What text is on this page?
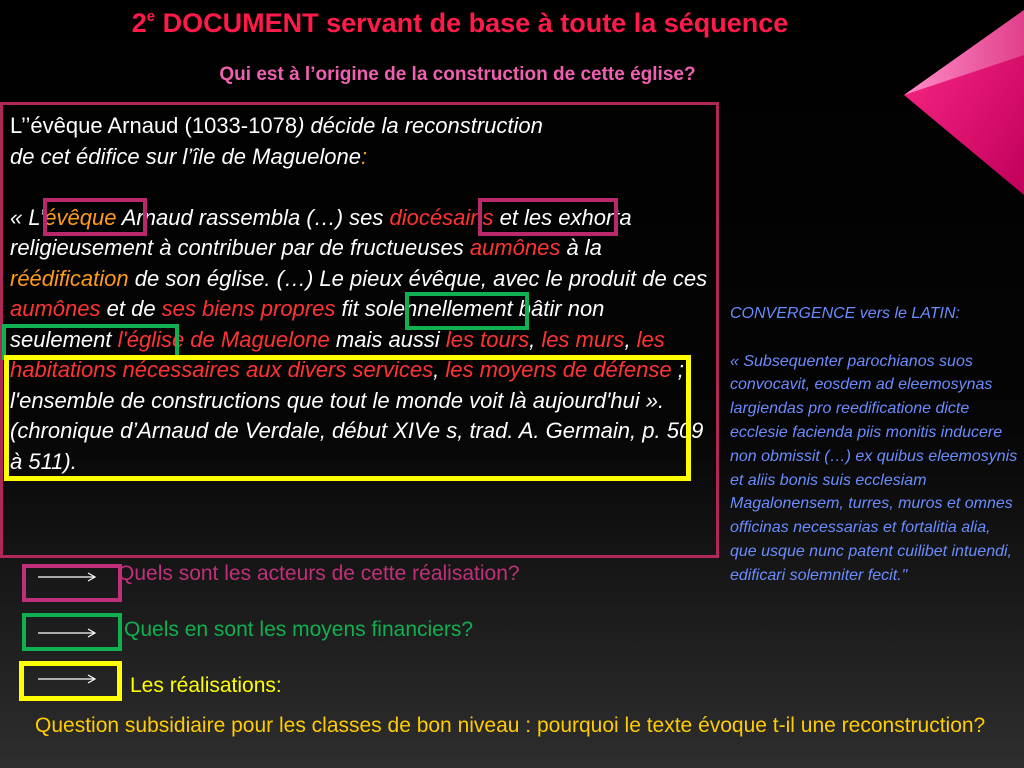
2e DOCUMENT servant de base à toute la séquence
Qui est à l’origine de la construction de cette église?

L’’évêque Arnaud (1033-1078) décide la reconstruction
de cet édifice sur l’île de Maguelone:

« L’évêque Arnaud rassembla (…) ses diocésains et les exhorta religieusement à contribuer par de fructueuses aumônes à la réédification de son église. (…) Le pieux évêque, avec le produit de ces aumônes et de ses biens propres fit solennellement bâtir non seulement l'église de Maguelone mais aussi les tours, les murs, les habitations nécessaires aux divers services, les moyens de défense ; l'ensemble de constructions que tout le monde voit là aujourd'hui ».

(chronique d’Arnaud de Verdale, début XIVe s, trad. A. Germain, p. 509 à 511).

CONVERGENCE vers le LATIN:

« Subsequenter parochianos suos convocavit, eosdem ad eleemosynas largiendas pro reedificatione dicte ecclesie facienda piis monitis inducere non obmissit (…) ex quibus eleemosynis et aliis bonis suis ecclesiam Magalonensem, turres, muros et omnes officinas necessarias et fortalitia alia, que usque nunc patent cuilibet intuendi, edificari solemniter fecit."

Quels sont les acteurs de cette réalisation?
Quels en sont les moyens financiers?
Les réalisations:
Question subsidiaire pour les classes de bon niveau : pourquoi le texte évoque t-il une reconstruction?
